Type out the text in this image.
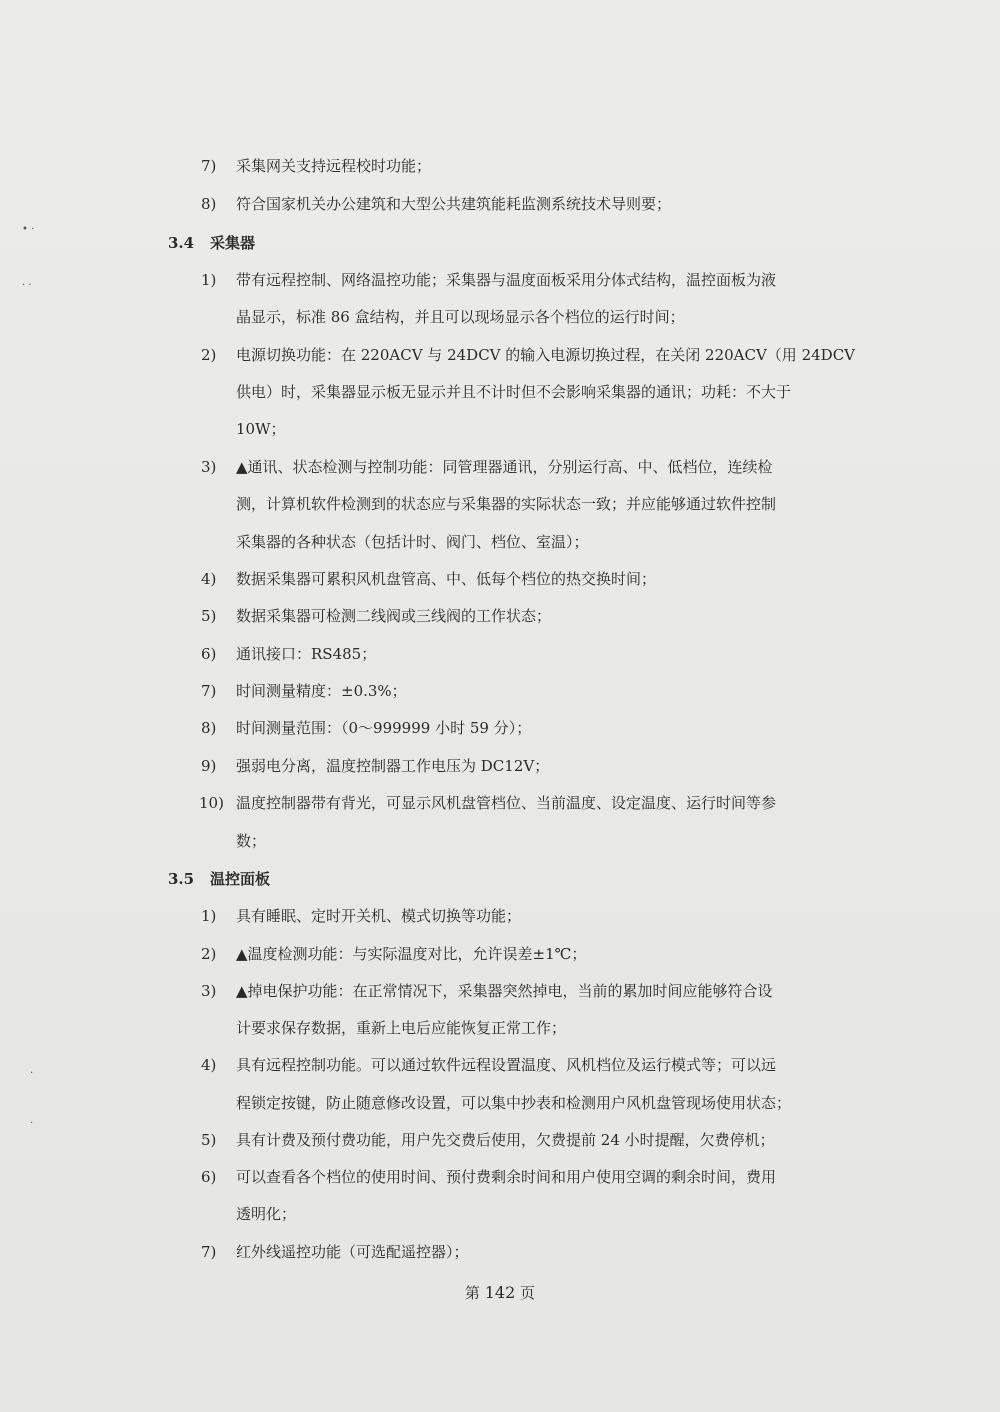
7) 采集网关支持远程校时功能；
8) 符合国家机关办公建筑和大型公共建筑能耗监测系统技术导则要；
3.4 采集器
1) 带有远程控制、网络温控功能；采集器与温度面板采用分体式结构，温控面板为液
晶显示，标准 86 盒结构，并且可以现场显示各个档位的运行时间；
2) 电源切换功能：在 220ACV 与 24DCV 的输入电源切换过程，在关闭 220ACV（用 24DCV
供电）时，采集器显示板无显示并且不计时但不会影响采集器的通讯；功耗：不大于
10W；
3) ▲通讯、状态检测与控制功能：同管理器通讯，分别运行高、中、低档位，连续检
测，计算机软件检测到的状态应与采集器的实际状态一致；并应能够通过软件控制
采集器的各种状态（包括计时、阀门、档位、室温）；
4) 数据采集器可累积风机盘管高、中、低每个档位的热交换时间；
5) 数据采集器可检测二线阀或三线阀的工作状态；
6) 通讯接口：RS485；
7) 时间测量精度：±0.3%；
8) 时间测量范围：（0～999999 小时 59 分）；
9) 强弱电分离，温度控制器工作电压为 DC12V；
10) 温度控制器带有背光，可显示风机盘管档位、当前温度、设定温度、运行时间等参
数；
3.5 温控面板
1) 具有睡眠、定时开关机、模式切换等功能；
2) ▲温度检测功能：与实际温度对比，允许误差±1℃；
3) ▲掉电保护功能：在正常情况下，采集器突然掉电，当前的累加时间应能够符合设
计要求保存数据，重新上电后应能恢复正常工作；
4) 具有远程控制功能。可以通过软件远程设置温度、风机档位及运行模式等；可以远
程锁定按键，防止随意修改设置，可以集中抄表和检测用户风机盘管现场使用状态；
5) 具有计费及预付费功能，用户先交费后使用，欠费提前 24 小时提醒，欠费停机；
6) 可以查看各个档位的使用时间、预付费剩余时间和用户使用空调的剩余时间，费用
透明化；
7) 红外线遥控功能（可选配遥控器）；
第 142 页
• ·
· ·
·
·
